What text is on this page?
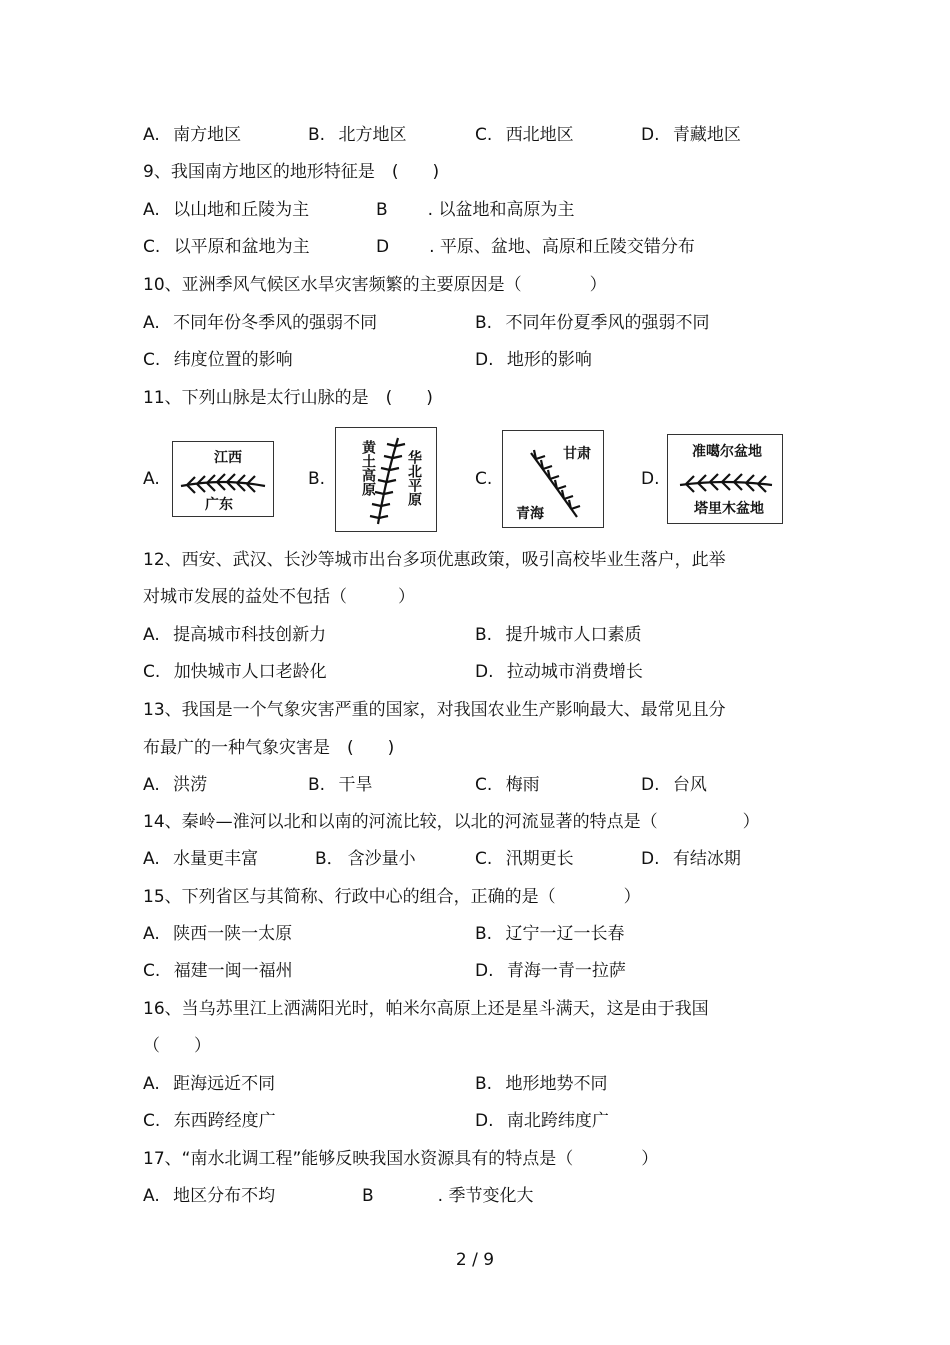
A. 南方地区	B. 北方地区	C. 西北地区	D. 青藏地区
9、我国南方地区的地形特征是　(　　)
A. 以山地和丘陵为主	B . 以盆地和高原为主
C. 以平原和盆地为主	D . 平原、盆地、高原和丘陵交错分布
10、亚洲季风气候区水旱灾害频繁的主要原因是（　　　　）
A. 不同年份冬季风的强弱不同	B. 不同年份夏季风的强弱不同
C. 纬度位置的影响	D. 地形的影响
11、下列山脉是太行山脉的是　(　　)
A.
江西
广东
B. 黄土高原 华北平原	C.
甘肃
青海
D.
准噶尔盆地
塔里木盆地
12、西安、武汉、长沙等城市出台多项优惠政策，吸引高校毕业生落户，此举
对城市发展的益处不包括（　　　）
A. 提高城市科技创新力	B. 提升城市人口素质
C. 加快城市人口老龄化	D. 拉动城市消费增长
13、我国是一个气象灾害严重的国家，对我国农业生产影响最大、最常见且分
布最广的一种气象灾害是　(　　)
A. 洪涝	B. 干旱	C. 梅雨	D. 台风
14、秦岭—淮河以北和以南的河流比较，以北的河流显著的特点是（　　　　　）
A. 水量更丰富	B． 含沙量小	C. 汛期更长	D. 有结冰期
15、下列省区与其简称、行政中心的组合，正确的是（　　　　）
A. 陕西一陕一太原	B. 辽宁一辽一长春
C. 福建一闽一福州	D. 青海一青一拉萨
16、当乌苏里江上洒满阳光时，帕米尔高原上还是星斗满天，这是由于我国
（　　）
A. 距海远近不同	B. 地形地势不同
C. 东西跨经度广	D. 南北跨纬度广
17、“南水北调工程”能够反映我国水资源具有的特点是（　　　　）
A. 地区分布不均	B	. 季节变化大
2 / 9
